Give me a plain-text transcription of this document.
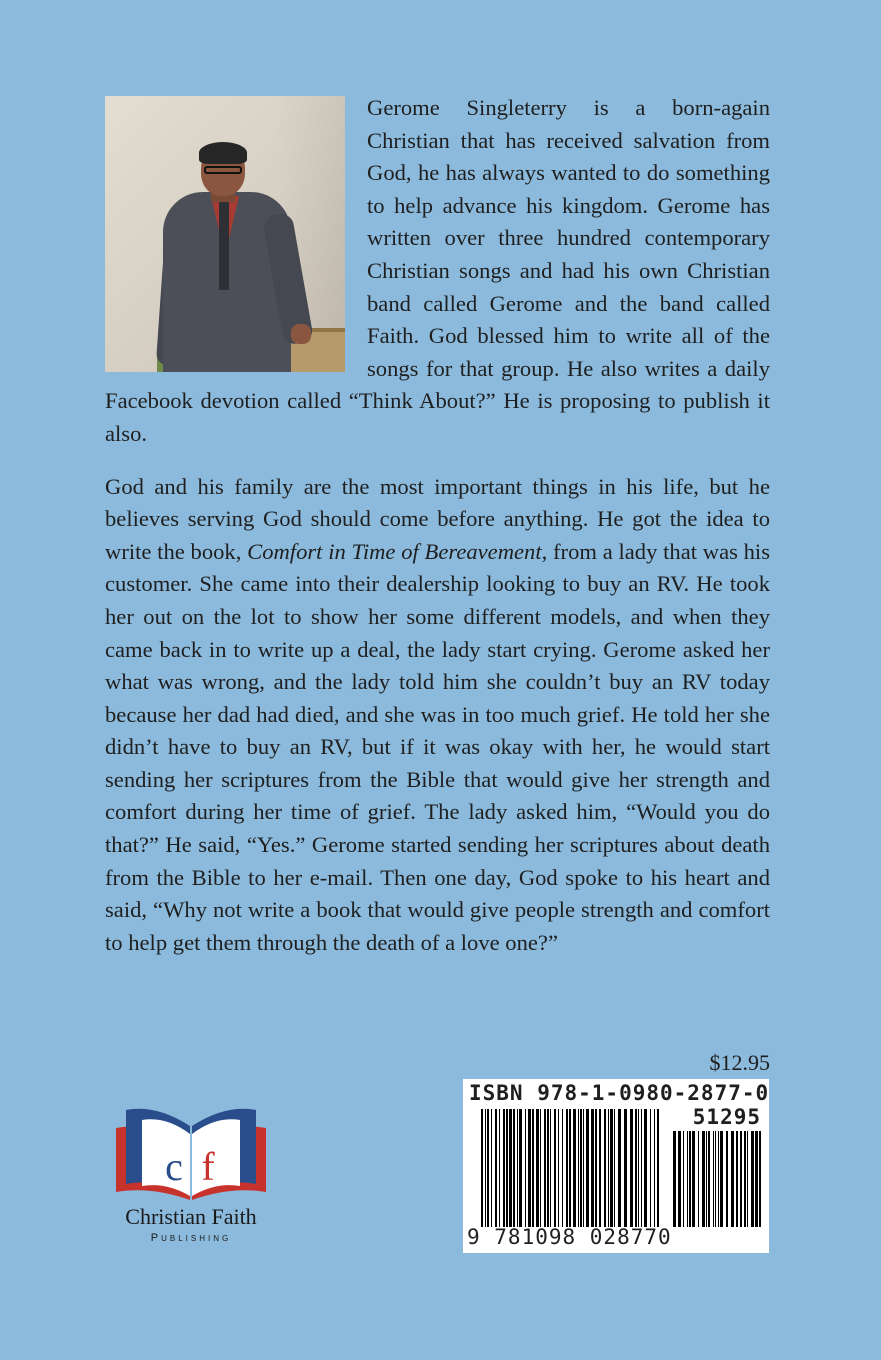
Gerome Singleterry is a born-again Christian that has received salvation from God, he has always wanted to do something to help advance his kingdom. Gerome has written over three hundred contemporary Christian songs and had his own Christian band called Gerome and the band called Faith. God blessed him to write all of the songs for that group. He also writes a daily Facebook devotion called “Think About?” He is proposing to publish it also.

God and his family are the most important things in his life, but he believes serving God should come before anything. He got the idea to write the book, Comfort in Time of Bereavement, from a lady that was his customer. She came into their dealership looking to buy an RV. He took her out on the lot to show her some different models, and when they came back in to write up a deal, the lady start crying. Gerome asked her what was wrong, and the lady told him she couldn’t buy an RV today because her dad had died, and she was in too much grief. He told her she didn’t have to buy an RV, but if it was okay with her, he would start sending her scriptures from the Bible that would give her strength and comfort during her time of grief. The lady asked him, “Would you do that?” He said, “Yes.” Gerome started sending her scriptures about death from the Bible to her e-mail. Then one day, God spoke to his heart and said, “Why not write a book that would give people strength and comfort to help get them through the death of a love one?”

$12.95
ISBN 978-1-0980-2877-0
51295
9 781098 028770
c f
Christian Faith
Publishing
